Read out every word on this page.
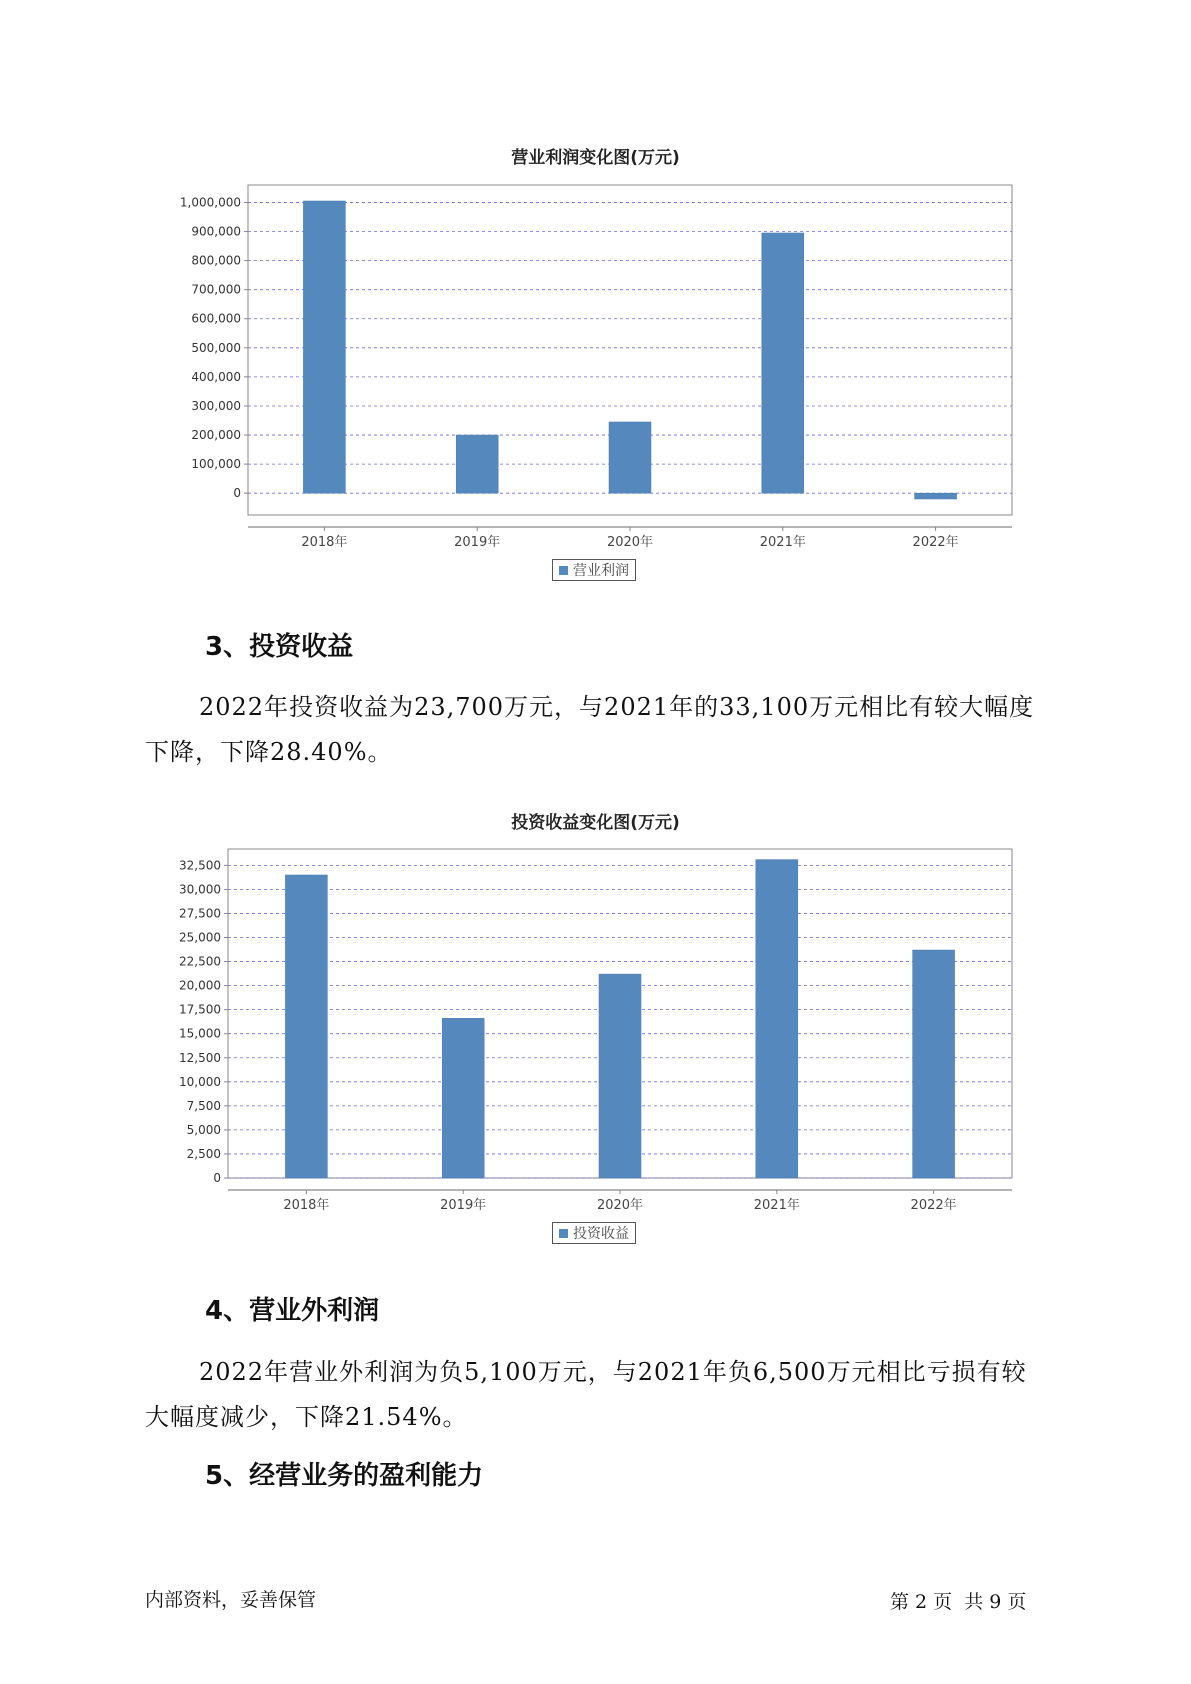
营业利润变化图(万元)
0
100,000
200,000
300,000
400,000
500,000
600,000
700,000
800,000
900,000
1,000,000
2018年	2019年	2020年	2021年	2022年
营业利润
3、投资收益
2022年投资收益为23,700万元，与2021年的33,100万元相比有较大幅度下降，下降28.40%。
投资收益变化图(万元)
0
2,500
5,000
7,500
10,000
12,500
15,000
17,500
20,000
22,500
25,000
27,500
30,000
32,500
2018年	2019年	2020年	2021年	2022年
投资收益
4、营业外利润
2022年营业外利润为负5,100万元，与2021年负6,500万元相比亏损有较大幅度减少，下降21.54%。
5、经营业务的盈利能力
内部资料，妥善保管	第 2 页  共 9 页
